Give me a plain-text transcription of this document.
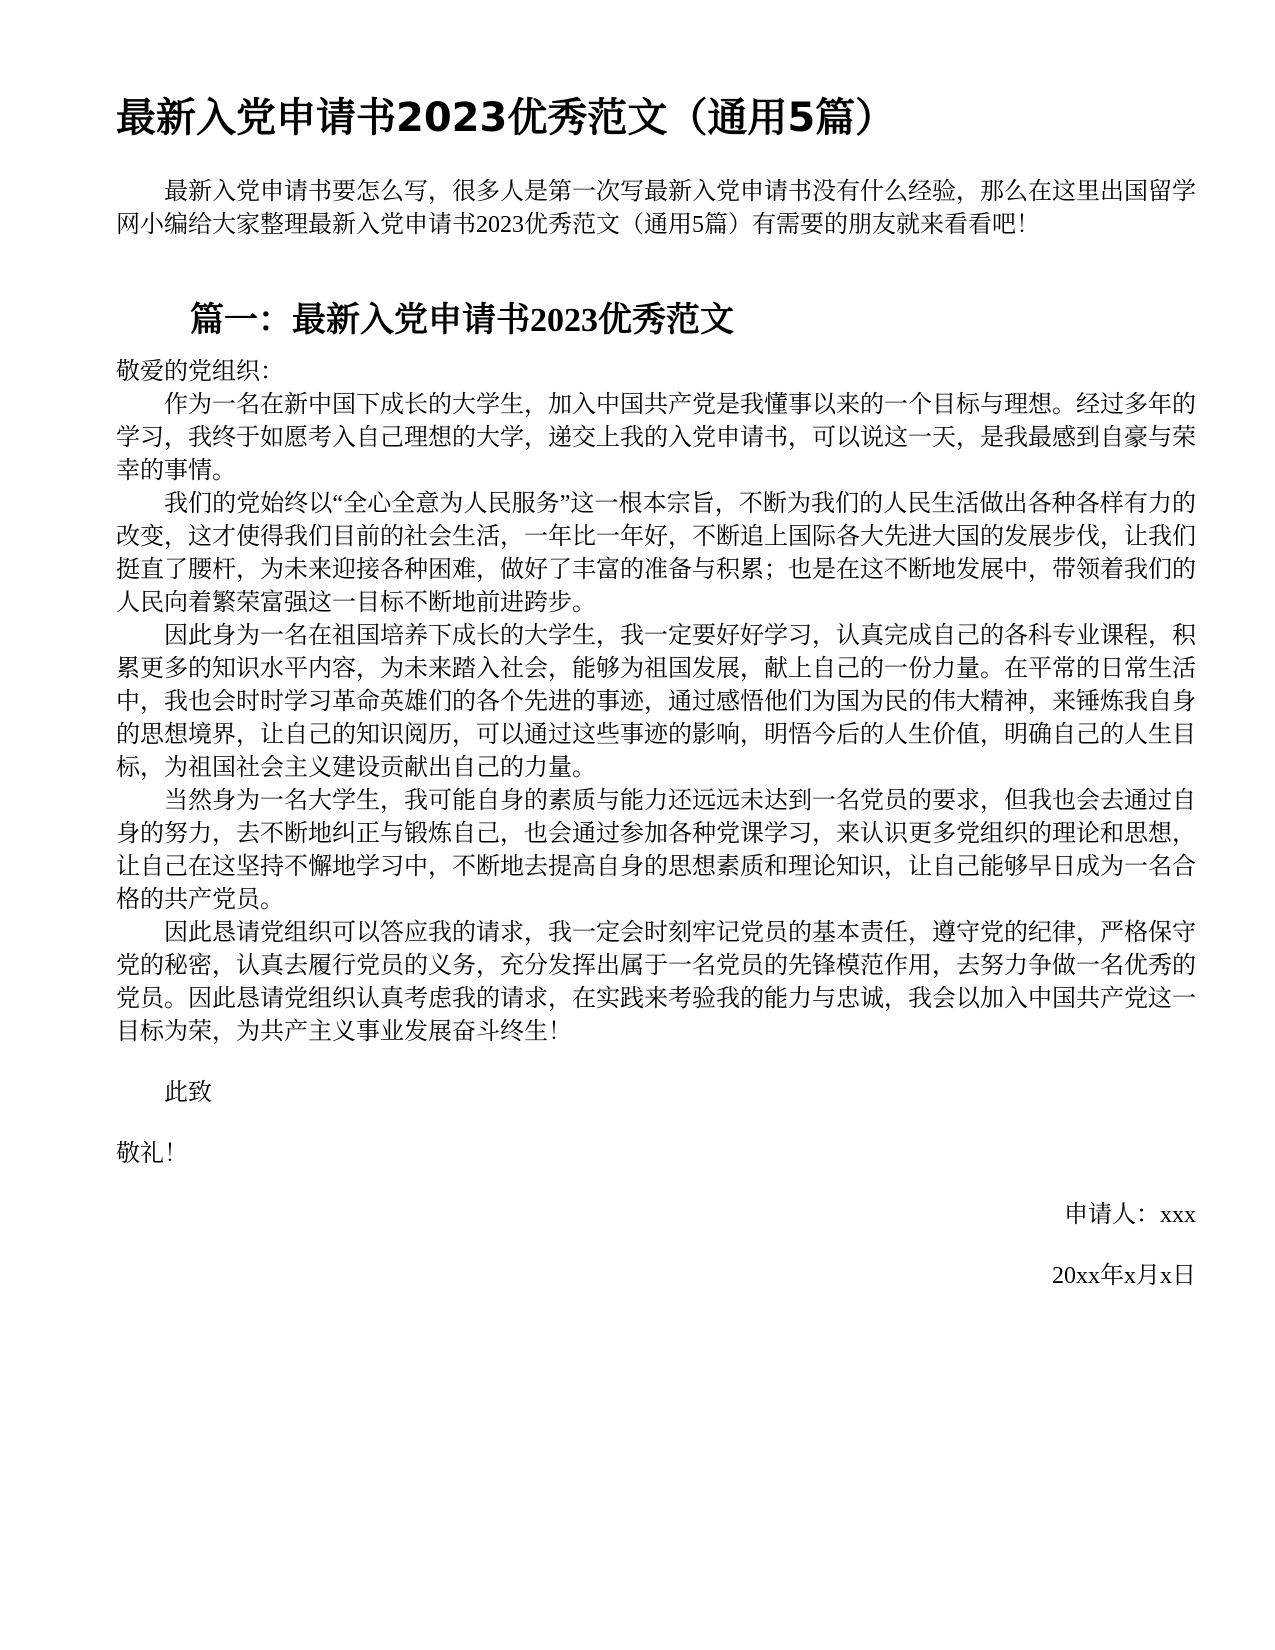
最新入党申请书2023优秀范文（通用5篇）

最新入党申请书要怎么写，很多人是第一次写最新入党申请书没有什么经验，那么在这里出国留学网小编给大家整理最新入党申请书2023优秀范文（通用5篇）有需要的朋友就来看看吧！

篇一：最新入党申请书2023优秀范文

敬爱的党组织：

作为一名在新中国下成长的大学生，加入中国共产党是我懂事以来的一个目标与理想。经过多年的学习，我终于如愿考入自己理想的大学，递交上我的入党申请书，可以说这一天，是我最感到自豪与荣幸的事情。

我们的党始终以“全心全意为人民服务”这一根本宗旨，不断为我们的人民生活做出各种各样有力的改变，这才使得我们目前的社会生活，一年比一年好，不断追上国际各大先进大国的发展步伐，让我们挺直了腰杆，为未来迎接各种困难，做好了丰富的准备与积累；也是在这不断地发展中，带领着我们的人民向着繁荣富强这一目标不断地前进跨步。

因此身为一名在祖国培养下成长的大学生，我一定要好好学习，认真完成自己的各科专业课程，积累更多的知识水平内容，为未来踏入社会，能够为祖国发展，献上自己的一份力量。在平常的日常生活中，我也会时时学习革命英雄们的各个先进的事迹，通过感悟他们为国为民的伟大精神，来锤炼我自身的思想境界，让自己的知识阅历，可以通过这些事迹的影响，明悟今后的人生价值，明确自己的人生目标，为祖国社会主义建设贡献出自己的力量。

当然身为一名大学生，我可能自身的素质与能力还远远未达到一名党员的要求，但我也会去通过自身的努力，去不断地纠正与锻炼自己，也会通过参加各种党课学习，来认识更多党组织的理论和思想，让自己在这坚持不懈地学习中，不断地去提高自身的思想素质和理论知识，让自己能够早日成为一名合格的共产党员。

因此恳请党组织可以答应我的请求，我一定会时刻牢记党员的基本责任，遵守党的纪律，严格保守党的秘密，认真去履行党员的义务，充分发挥出属于一名党员的先锋模范作用，去努力争做一名优秀的党员。因此恳请党组织认真考虑我的请求，在实践来考验我的能力与忠诚，我会以加入中国共产党这一目标为荣，为共产主义事业发展奋斗终生！

此致

敬礼！

申请人：xxx

20xx年x月x日
